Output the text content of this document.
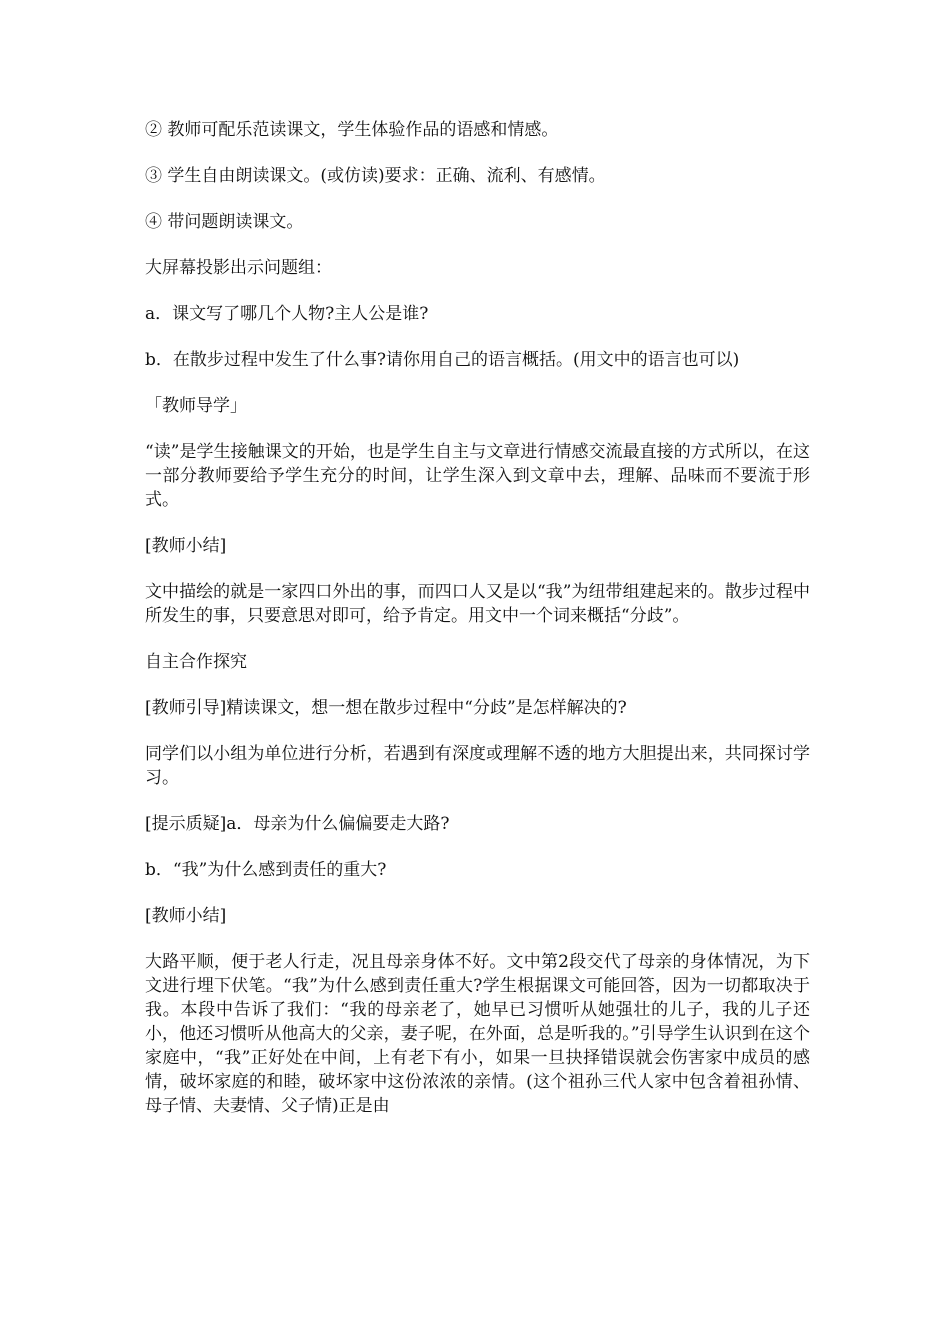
② 教师可配乐范读课文，学生体验作品的语感和情感。

③ 学生自由朗读课文。(或仿读)要求：正确、流利、有感情。

④ 带问题朗读课文。

大屏幕投影出示问题组：

a．课文写了哪几个人物?主人公是谁?

b．在散步过程中发生了什么事?请你用自己的语言概括。(用文中的语言也可以)

「教师导学」

“读”是学生接触课文的开始，也是学生自主与文章进行情感交流最直接的方式所以，在这一部分教师要给予学生充分的时间，让学生深入到文章中去，理解、品味而不要流于形式。

[教师小结]

文中描绘的就是一家四口外出的事，而四口人又是以“我”为纽带组建起来的。散步过程中所发生的事，只要意思对即可，给予肯定。用文中一个词来概括“分歧”。

自主合作探究

[教师引导]精读课文，想一想在散步过程中“分歧”是怎样解决的?

同学们以小组为单位进行分析，若遇到有深度或理解不透的地方大胆提出来，共同探讨学习。

[提示质疑]a．母亲为什么偏偏要走大路?

b．“我”为什么感到责任的重大?

[教师小结]

大路平顺，便于老人行走，况且母亲身体不好。文中第2段交代了母亲的身体情况，为下文进行埋下伏笔。“我”为什么感到责任重大?学生根据课文可能回答，因为一切都取决于我。本段中告诉了我们：“我的母亲老了，她早已习惯听从她强壮的儿子，我的儿子还小，他还习惯听从他高大的父亲，妻子呢，在外面，总是听我的。”引导学生认识到在这个家庭中，“我”正好处在中间，上有老下有小，如果一旦抉择错误就会伤害家中成员的感情，破坏家庭的和睦，破坏家中这份浓浓的亲情。(这个祖孙三代人家中包含着祖孙情、母子情、夫妻情、父子情)正是由
